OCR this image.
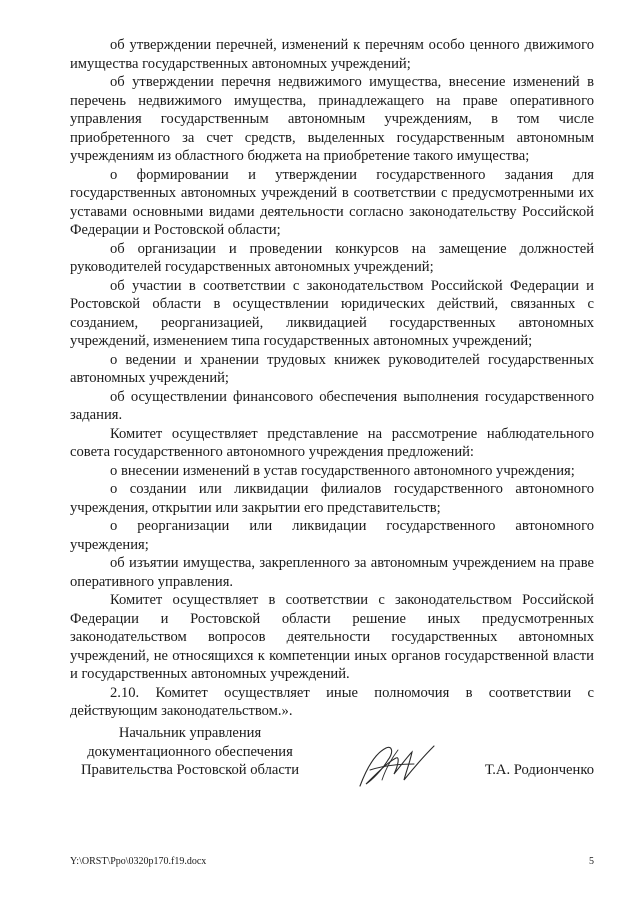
об утверждении перечней, изменений к перечням особо ценного движимого имущества государственных автономных учреждений;

об утверждении перечня недвижимого имущества, внесение изменений в перечень недвижимого имущества, принадлежащего на праве оперативного управления государственным автономным учреждениям, в том числе приобретенного за счет средств, выделенных государственным автономным учреждениям из областного бюджета на приобретение такого имущества;

о формировании и утверждении государственного задания для государственных автономных учреждений в соответствии с предусмотренными их уставами основными видами деятельности согласно законодательству Российской Федерации и Ростовской области;

об организации и проведении конкурсов на замещение должностей руководителей государственных автономных учреждений;

об участии в соответствии с законодательством Российской Федерации и Ростовской области в осуществлении юридических действий, связанных с созданием, реорганизацией, ликвидацией государственных автономных учреждений, изменением типа государственных автономных учреждений;

о ведении и хранении трудовых книжек руководителей государственных автономных учреждений;

об осуществлении финансового обеспечения выполнения государственного задания.

Комитет осуществляет представление на рассмотрение наблюдательного совета государственного автономного учреждения предложений:

о внесении изменений в устав государственного автономного учреждения;

о создании или ликвидации филиалов государственного автономного учреждения, открытии или закрытии его представительств;

о реорганизации или ликвидации государственного автономного учреждения;

об изъятии имущества, закрепленного за автономным учреждением на праве оперативного управления.

Комитет осуществляет в соответствии с законодательством Российской Федерации и Ростовской области решение иных предусмотренных законодательством вопросов деятельности государственных автономных учреждений, не относящихся к компетенции иных органов государственной власти и государственных автономных учреждений.

2.10. Комитет осуществляет иные полномочия в соответствии с действующим законодательством.».

Начальник управления
документационного обеспечения
Правительства Ростовской области	Т.А. Родионченко
Y:\ORST\Ppo\0320p170.f19.docx	5
